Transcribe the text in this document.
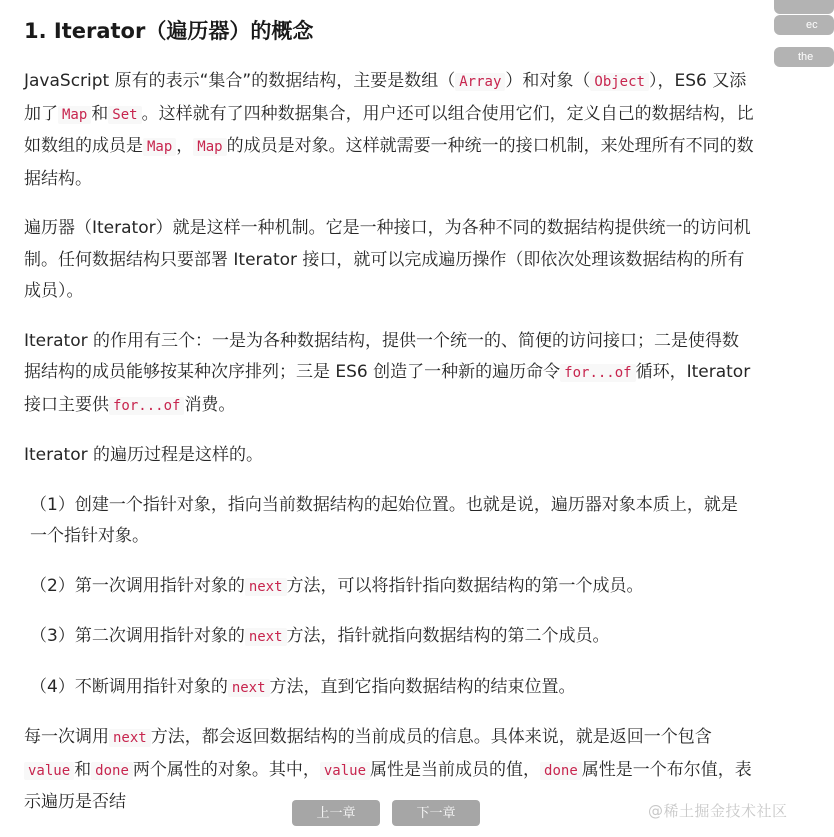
1. Iterator（遍历器）的概念

JavaScript 原有的表示“集合”的数据结构，主要是数组（ Array ）和对象（ Object ），ES6 又添加了 Map 和 Set 。这样就有了四种数据集合，用户还可以组合使用它们，定义自己的数据结构，比如数组的成员是 Map ， Map 的成员是对象。这样就需要一种统一的接口机制，来处理所有不同的数据结构。

遍历器（Iterator）就是这样一种机制。它是一种接口，为各种不同的数据结构提供统一的访问机制。任何数据结构只要部署 Iterator 接口，就可以完成遍历操作（即依次处理该数据结构的所有成员）。

Iterator 的作用有三个：一是为各种数据结构，提供一个统一的、简便的访问接口；二是使得数据结构的成员能够按某种次序排列；三是 ES6 创造了一种新的遍历命令 for...of 循环，Iterator 接口主要供 for...of 消费。

Iterator 的遍历过程是这样的。

（1）创建一个指针对象，指向当前数据结构的起始位置。也就是说，遍历器对象本质上，就是一个指针对象。

（2）第一次调用指针对象的 next 方法，可以将指针指向数据结构的第一个成员。

（3）第二次调用指针对象的 next 方法，指针就指向数据结构的第二个成员。

（4）不断调用指针对象的 next 方法，直到它指向数据结构的结束位置。

每一次调用 next 方法，都会返回数据结构的当前成员的信息。具体来说，就是返回一个包含value 和 done 两个属性的对象。其中， value 属性是当前成员的值， done 属性是一个布尔值，表示遍历是否结

ec
the
上一章	下一章	@稀土掘金技术社区
